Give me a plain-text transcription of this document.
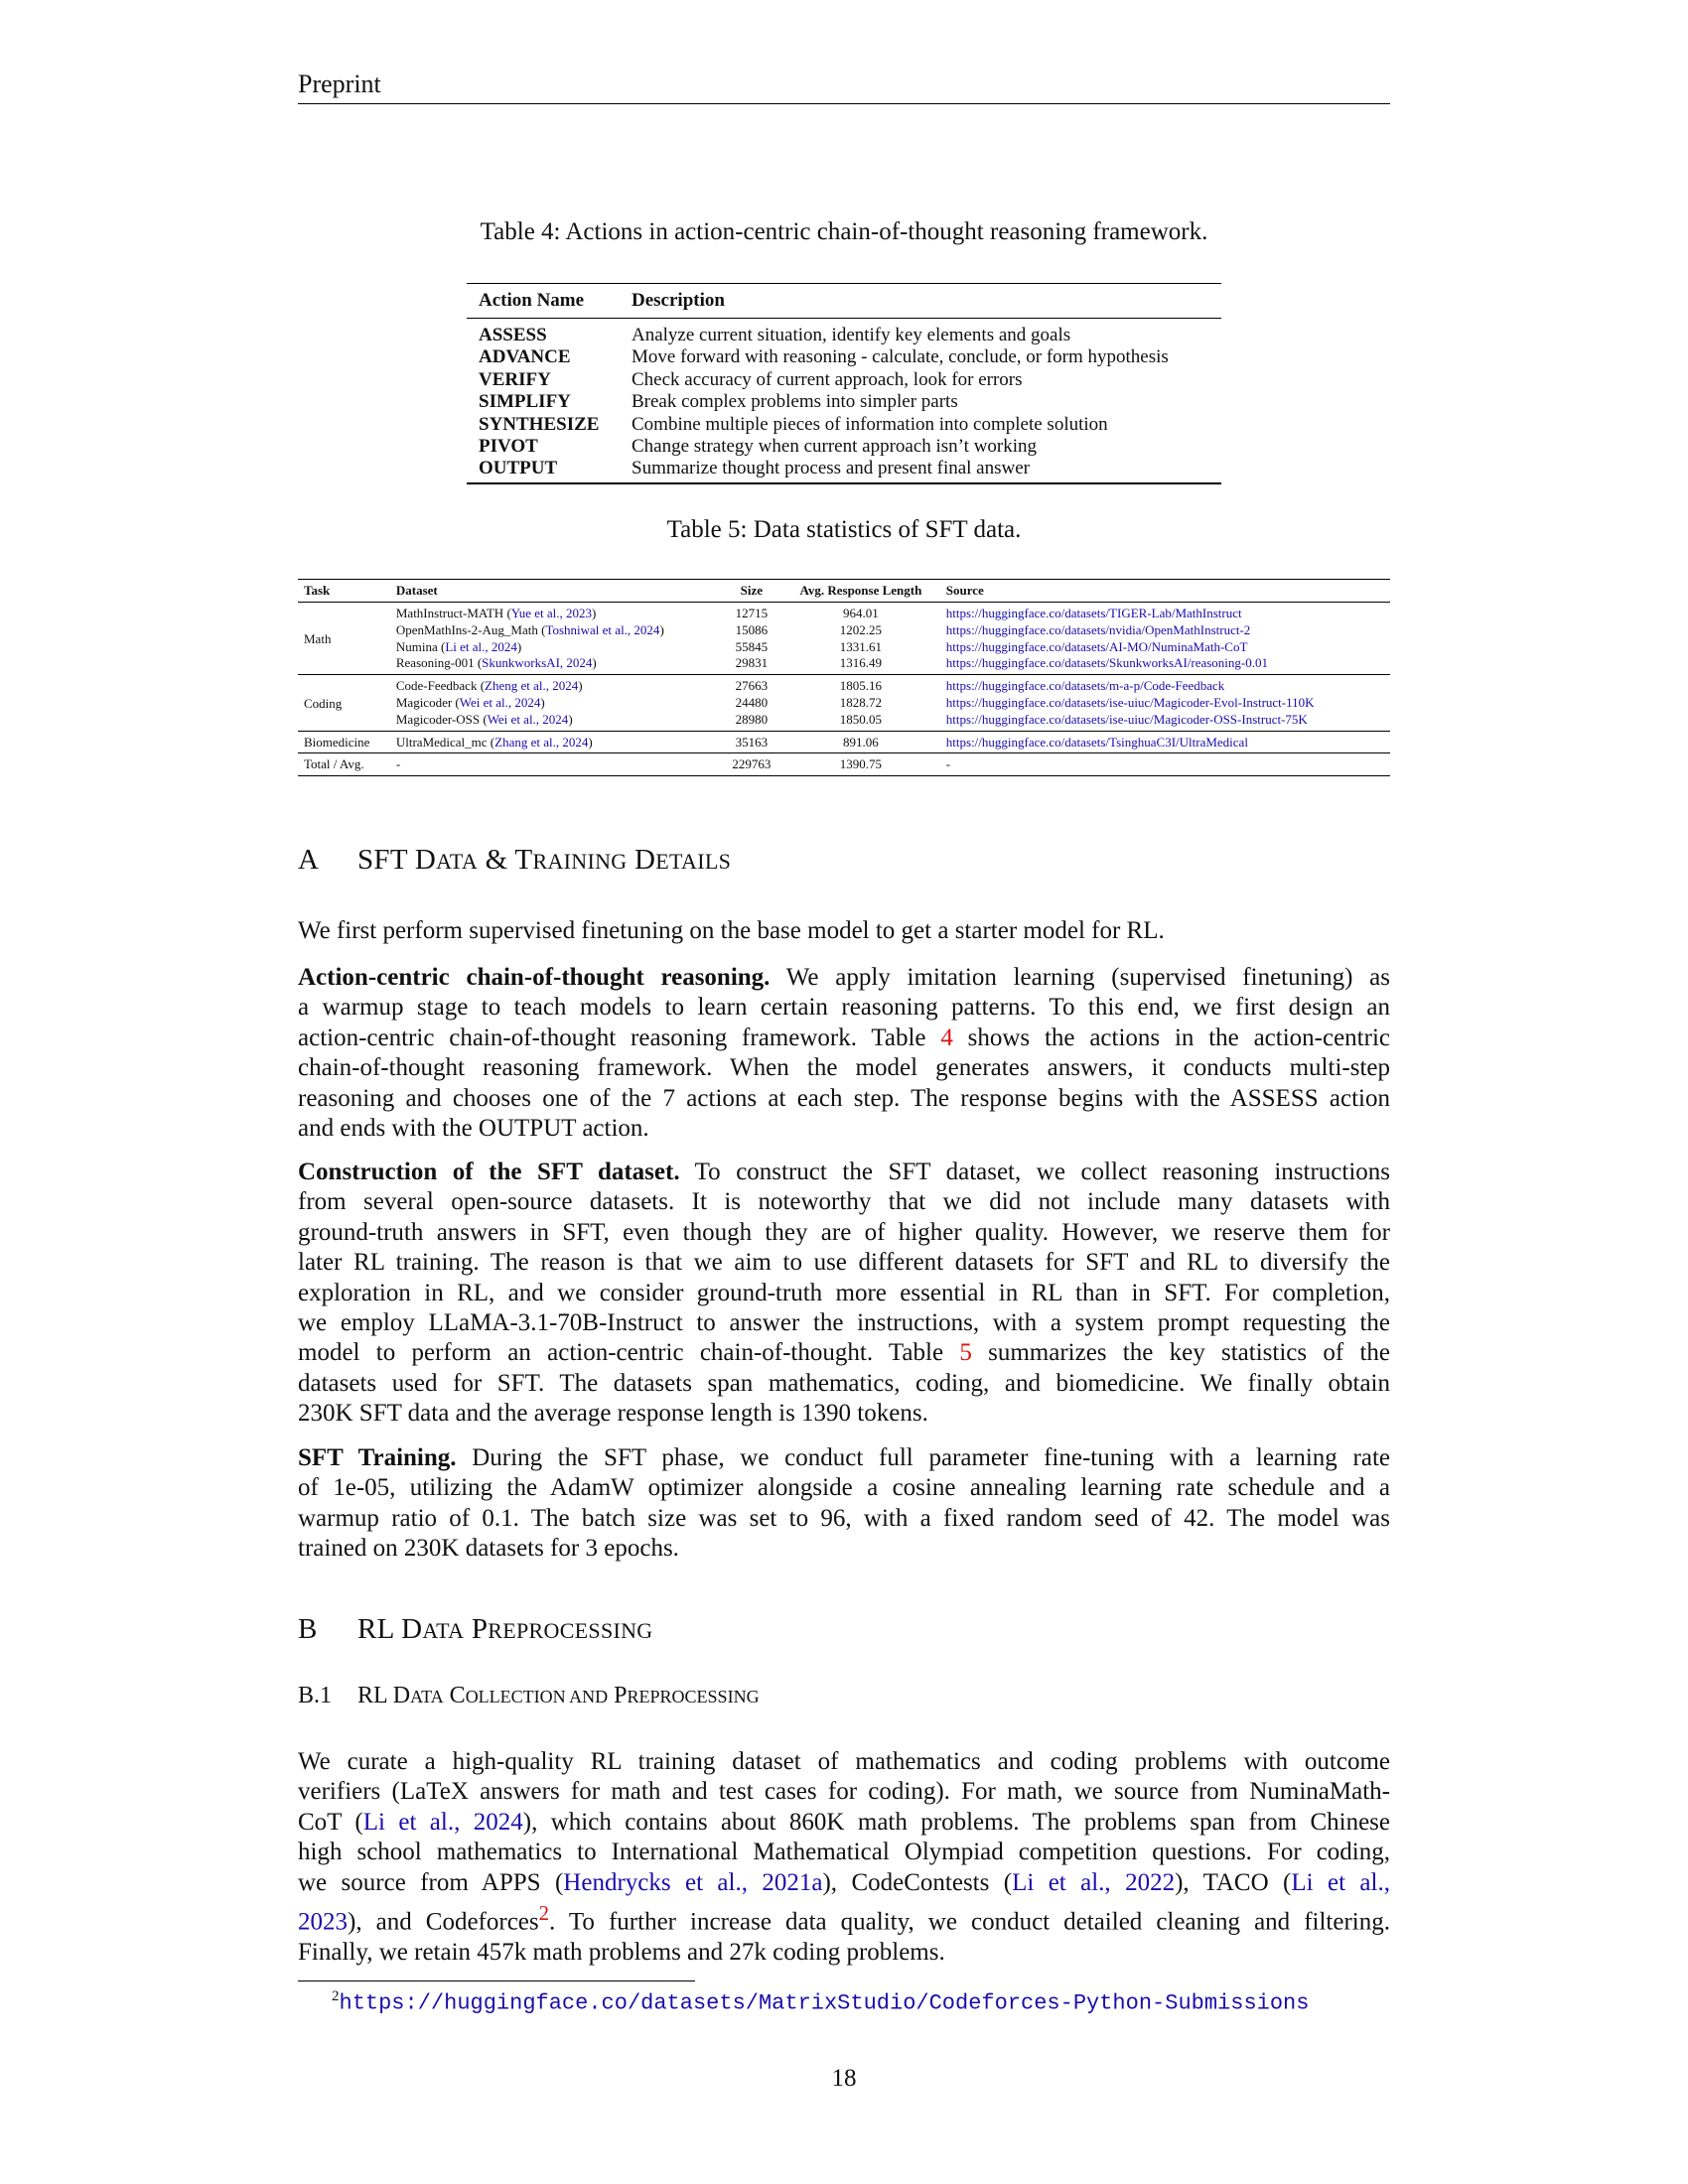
Preprint
Table 4: Actions in action-centric chain-of-thought reasoning framework.
Action Name	Description
ASSESS	Analyze current situation, identify key elements and goals
ADVANCE	Move forward with reasoning - calculate, conclude, or form hypothesis
VERIFY	Check accuracy of current approach, look for errors
SIMPLIFY	Break complex problems into simpler parts
SYNTHESIZE	Combine multiple pieces of information into complete solution
PIVOT	Change strategy when current approach isn’t working
OUTPUT	Summarize thought process and present final answer
Table 5: Data statistics of SFT data.
Task	Dataset	Size	Avg. Response Length	Source
Math	MathInstruct-MATH (Yue et al., 2023)	12715	964.01	https://huggingface.co/datasets/TIGER-Lab/MathInstruct
	OpenMathIns-2-Aug_Math (Toshniwal et al., 2024)	15086	1202.25	https://huggingface.co/datasets/nvidia/OpenMathInstruct-2
	Numina (Li et al., 2024)	55845	1331.61	https://huggingface.co/datasets/AI-MO/NuminaMath-CoT
	Reasoning-001 (SkunkworksAI, 2024)	29831	1316.49	https://huggingface.co/datasets/SkunkworksAI/reasoning-0.01
Coding	Code-Feedback (Zheng et al., 2024)	27663	1805.16	https://huggingface.co/datasets/m-a-p/Code-Feedback
	Magicoder (Wei et al., 2024)	24480	1828.72	https://huggingface.co/datasets/ise-uiuc/Magicoder-Evol-Instruct-110K
	Magicoder-OSS (Wei et al., 2024)	28980	1850.05	https://huggingface.co/datasets/ise-uiuc/Magicoder-OSS-Instruct-75K
Biomedicine	UltraMedical_mc (Zhang et al., 2024)	35163	891.06	https://huggingface.co/datasets/TsinghuaC3I/UltraMedical
Total / Avg.	-	229763	1390.75	-
A SFT DATA & TRAINING DETAILS
We first perform supervised finetuning on the base model to get a starter model for RL.
Action-centric chain-of-thought reasoning. We apply imitation learning (supervised finetuning) as
a warmup stage to teach models to learn certain reasoning patterns. To this end, we first design an
action-centric chain-of-thought reasoning framework. Table 4 shows the actions in the action-centric
chain-of-thought reasoning framework. When the model generates answers, it conducts multi-step
reasoning and chooses one of the 7 actions at each step. The response begins with the ASSESS action
and ends with the OUTPUT action.
Construction of the SFT dataset. To construct the SFT dataset, we collect reasoning instructions
from several open-source datasets. It is noteworthy that we did not include many datasets with
ground-truth answers in SFT, even though they are of higher quality. However, we reserve them for
later RL training. The reason is that we aim to use different datasets for SFT and RL to diversify the
exploration in RL, and we consider ground-truth more essential in RL than in SFT. For completion,
we employ LLaMA-3.1-70B-Instruct to answer the instructions, with a system prompt requesting the
model to perform an action-centric chain-of-thought. Table 5 summarizes the key statistics of the
datasets used for SFT. The datasets span mathematics, coding, and biomedicine. We finally obtain
230K SFT data and the average response length is 1390 tokens.
SFT Training. During the SFT phase, we conduct full parameter fine-tuning with a learning rate
of 1e-05, utilizing the AdamW optimizer alongside a cosine annealing learning rate schedule and a
warmup ratio of 0.1. The batch size was set to 96, with a fixed random seed of 42. The model was
trained on 230K datasets for 3 epochs.
B RL DATA PREPROCESSING
B.1 RL DATA COLLECTION AND PREPROCESSING
We curate a high-quality RL training dataset of mathematics and coding problems with outcome
verifiers (LaTeX answers for math and test cases for coding). For math, we source from NuminaMath-
CoT (Li et al., 2024), which contains about 860K math problems. The problems span from Chinese
high school mathematics to International Mathematical Olympiad competition questions. For coding,
we source from APPS (Hendrycks et al., 2021a), CodeContests (Li et al., 2022), TACO (Li et al.,
2023), and Codeforces$^2$. To further increase data quality, we conduct detailed cleaning and filtering.
Finally, we retain 457k math problems and 27k coding problems.
$^2$https://huggingface.co/datasets/MatrixStudio/Codeforces-Python-Submissions
18
